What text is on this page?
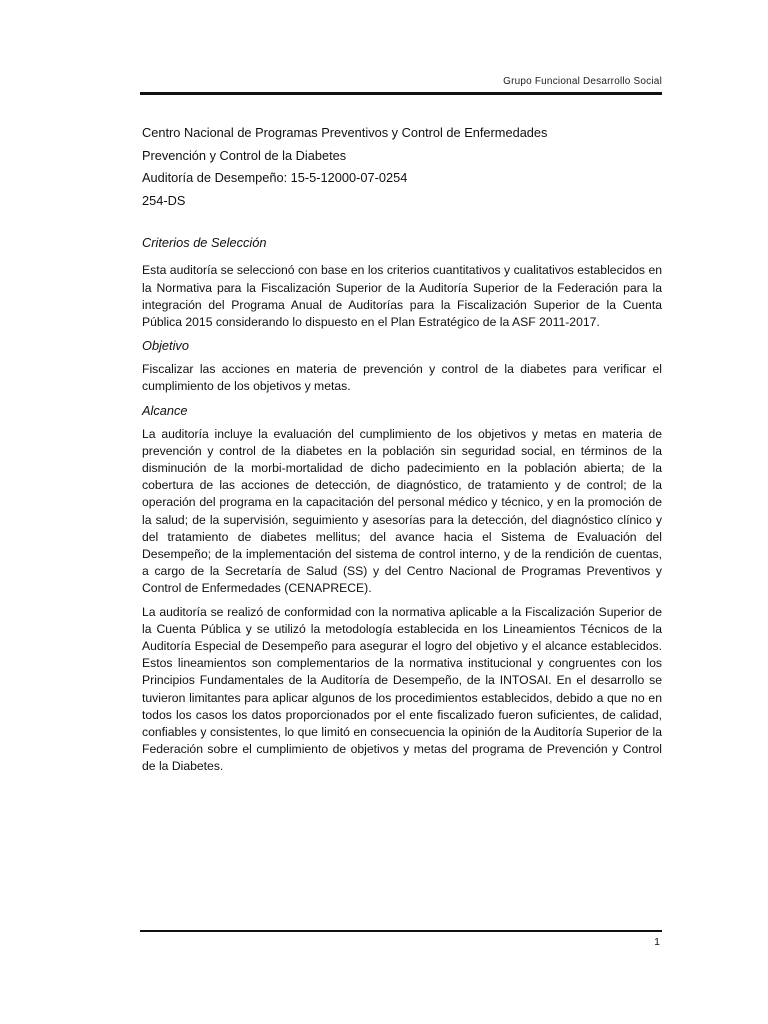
Grupo Funcional Desarrollo Social
Centro Nacional de Programas Preventivos y Control de Enfermedades
Prevención y Control de la Diabetes
Auditoría de Desempeño: 15-5-12000-07-0254
254-DS
Criterios de Selección

Esta auditoría se seleccionó con base en los criterios cuantitativos y cualitativos establecidos en la Normativa para la Fiscalización Superior de la Auditoría Superior de la Federación para la integración del Programa Anual de Auditorías para la Fiscalización Superior de la Cuenta Pública 2015 considerando lo dispuesto en el Plan Estratégico de la ASF 2011-2017.

Objetivo

Fiscalizar las acciones en materia de prevención y control de la diabetes para verificar el cumplimiento de los objetivos y metas.

Alcance

La auditoría incluye la evaluación del cumplimiento de los objetivos y metas en materia de prevención y control de la diabetes en la población sin seguridad social, en términos de la disminución de la morbi-mortalidad de dicho padecimiento en la población abierta; de la cobertura de las acciones de detección, de diagnóstico, de tratamiento y de control; de la operación del programa en la capacitación del personal médico y técnico, y en la promoción de la salud; de la supervisión, seguimiento y asesorías para la detección, del diagnóstico clínico y del tratamiento de diabetes mellitus; del avance hacia el Sistema de Evaluación del Desempeño; de la implementación del sistema de control interno, y de la rendición de cuentas, a cargo de la Secretaría de Salud (SS) y del Centro Nacional de Programas Preventivos y Control de Enfermedades (CENAPRECE).

La auditoría se realizó de conformidad con la normativa aplicable a la Fiscalización Superior de la Cuenta Pública y se utilizó la metodología establecida en los Lineamientos Técnicos de la Auditoría Especial de Desempeño para asegurar el logro del objetivo y el alcance establecidos. Estos lineamientos son complementarios de la normativa institucional y congruentes con los Principios Fundamentales de la Auditoría de Desempeño, de la INTOSAI. En el desarrollo se tuvieron limitantes para aplicar algunos de los procedimientos establecidos, debido a que no en todos los casos los datos proporcionados por el ente fiscalizado fueron suficientes, de calidad, confiables y consistentes, lo que limitó en consecuencia la opinión de la Auditoría Superior de la Federación sobre el cumplimiento de objetivos y metas del programa de Prevención y Control de la Diabetes.

1
